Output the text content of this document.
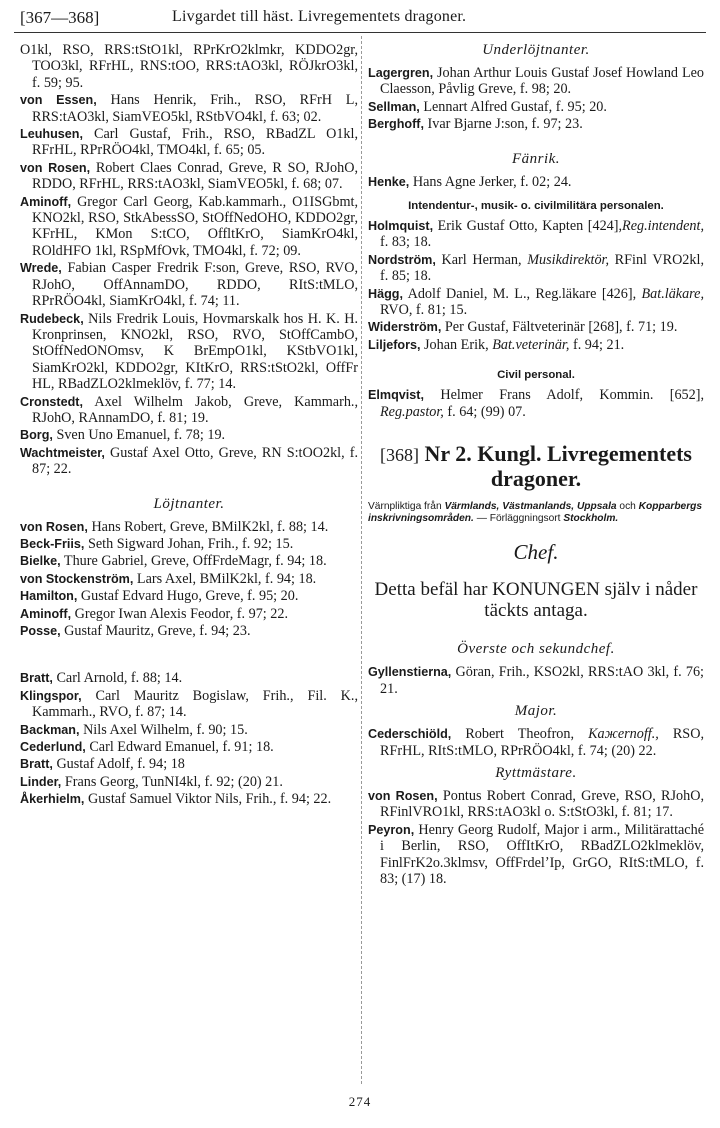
[367—368]	Livgardet till häst. Livregementets dragoner.
O1kl, RSO, RRS:tStO1kl, RPrKrO2klmkr, KDDO2gr, TOO3kl, RFrHL, RNS:tOO, RRS:tAO3kl, RÖJkrO3kl, f. 59; 95.
von Essen, Hans Henrik, Frih., RSO, RFrH L, RRS:tAO3kl, SiamVEO5kl, RStbVO4kl, f. 63; 02.
Leuhusen, Carl Gustaf, Frih., RSO, RBadZL O1kl, RFrHL, RPrRÖO4kl, TMO4kl, f. 65; 05.
von Rosen, Robert Claes Conrad, Greve, R SO, RJohO, RDDO, RFrHL, RRS:tAO3kl, SiamVEO5kl, f. 68; 07.
Aminoff, Gregor Carl Georg, Kab.kammarh., O1ISGbmt, KNO2kl, RSO, StkAbessSO, StOffNedOHO, KDDO2gr, KFrHL, KMon S:tCO, OffltKrO, SiamKrO4kl, ROldHFO 1kl, RSpMfOvk, TMO4kl, f. 72; 09.
Wrede, Fabian Casper Fredrik F:son, Greve, RSO, RVO, RJohO, OffAnnamDO, RDDO, RItS:tMLO, RPrRÖO4kl, SiamKrO4kl, f. 74; 11.
Rudebeck, Nils Fredrik Louis, Hovmarskalk hos H. K. H. Kronprinsen, KNO2kl, RSO, RVO, StOffCambO, StOffNedONOmsv, K BrEmpO1kl, KStbVO1kl, SiamKrO2kl, KDDO2gr, KItKrO, RRS:tStO2kl, OffFr HL, RBadZLO2klmeklöv, f. 77; 14.
Cronstedt, Axel Wilhelm Jakob, Greve, Kammarh., RJohO, RAnnamDO, f. 81; 19.
Borg, Sven Uno Emanuel, f. 78; 19.
Wachtmeister, Gustaf Axel Otto, Greve, RN S:tOO2kl, f. 87; 22.
Löjtnanter.
von Rosen, Hans Robert, Greve, BMilK2kl, f. 88; 14.
Beck-Friis, Seth Sigward Johan, Frih., f. 92; 15.
Bielke, Thure Gabriel, Greve, OffFrdeMagr, f. 94; 18.
von Stockenström, Lars Axel, BMilK2kl, f. 94; 18.
Hamilton, Gustaf Edvard Hugo, Greve, f. 95; 20.
Aminoff, Gregor Iwan Alexis Feodor, f. 97; 22.
Posse, Gustaf Mauritz, Greve, f. 94; 23.
Bratt, Carl Arnold, f. 88; 14.
Klingspor, Carl Mauritz Bogislaw, Frih., Fil. K., Kammarh., RVO, f. 87; 14.
Backman, Nils Axel Wilhelm, f. 90; 15.
Cederlund, Carl Edward Emanuel, f. 91; 18.
Bratt, Gustaf Adolf, f. 94; 18
Linder, Frans Georg, TunNI4kl, f. 92; (20) 21.
Åkerhielm, Gustaf Samuel Viktor Nils, Frih., f. 94; 22.
Underlöjtnanter.
Lagergren, Johan Arthur Louis Gustaf Josef Howland Leo Claesson, Påvlig Greve, f. 98; 20.
Sellman, Lennart Alfred Gustaf, f. 95; 20.
Berghoff, Ivar Bjarne J:son, f. 97; 23.
Fänrik.
Henke, Hans Agne Jerker, f. 02; 24.
Intendentur-, musik- o. civilmilitära personalen.
Holmquist, Erik Gustaf Otto, Kapten [424],Reg.intendent, f. 83; 18.
Nordström, Karl Herman, Musikdirektör, RFinl VRO2kl, f. 85; 18.
Hägg, Adolf Daniel, M. L., Reg.läkare [426], Bat.läkare, RVO, f. 81; 15.
Widerström, Per Gustaf, Fältveterinär [268], f. 71; 19.
Liljefors, Johan Erik, Bat.veterinär, f. 94; 21.
Civil personal.
Elmqvist, Helmer Frans Adolf, Kommin. [652], Reg.pastor, f. 64; (99) 07.
[368] Nr 2. Kungl. Livregementets dragoner.
Värnpliktiga från Värmlands, Västmanlands, Uppsala och Kopparbergs inskrivningsområden. — Förläggningsort Stockholm.
Chef.
Detta befäl har KONUNGEN själv i nåder täckts antaga.
Överste och sekundchef.
Gyllenstierna, Göran, Frih., KSO2kl, RRS:tAO 3kl, f. 76; 21.
Major.
Cederschiöld, Robert Theofron, Kaжernoff., RSO, RFrHL, RItS:tMLO, RPrRÖO4kl, f. 74; (20) 22.
Ryttmästare.
von Rosen, Pontus Robert Conrad, Greve, RSO, RJohO, RFinlVRO1kl, RRS:tAO3kl o. S:tStO3kl, f. 81; 17.
Peyron, Henry Georg Rudolf, Major i arm., Militärattaché i Berlin, RSO, OffItKrO, RBadZLO2klmeklöv, FinlFrK2o.3klmsv, OffFrdelʼIp, GrGO, RItS:tMLO, f. 83; (17) 18.
274
